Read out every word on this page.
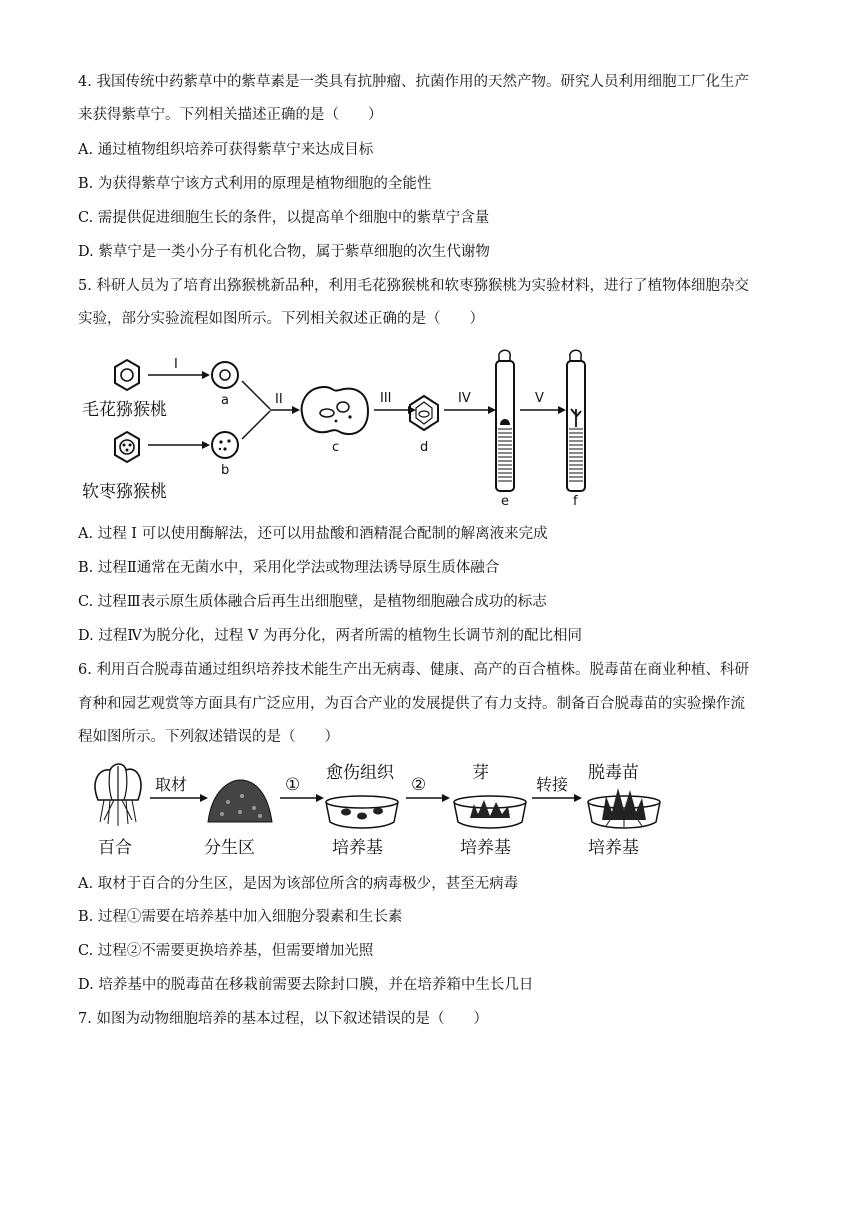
4. 我国传统中药紫草中的紫草素是一类具有抗肿瘤、抗菌作用的天然产物。研究人员利用细胞工厂化生产
来获得紫草宁。下列相关描述正确的是（　　）
A. 通过植物组织培养可获得紫草宁来达成目标
B. 为获得紫草宁该方式利用的原理是植物细胞的全能性
C. 需提供促进细胞生长的条件，以提高单个细胞中的紫草宁含量
D. 紫草宁是一类小分子有机化合物，属于紫草细胞的次生代谢物
5. 科研人员为了培育出猕猴桃新品种，利用毛花猕猴桃和软枣猕猴桃为实验材料，进行了植物体细胞杂交
实验，部分实验流程如图所示。下列相关叙述正确的是（　　）
毛花猕猴桃
软枣猕猴桃
I
a
b
II
c
III
d
IV
e
V
f
A. 过程 I 可以使用酶解法，还可以用盐酸和酒精混合配制的解离液来完成
B. 过程Ⅱ通常在无菌水中，采用化学法或物理法诱导原生质体融合
C. 过程Ⅲ表示原生质体融合后再生出细胞壁，是植物细胞融合成功的标志
D. 过程Ⅳ为脱分化，过程 V 为再分化，两者所需的植物生长调节剂的配比相同
6. 利用百合脱毒苗通过组织培养技术能生产出无病毒、健康、高产的百合植株。脱毒苗在商业种植、科研
育种和园艺观赏等方面具有广泛应用，为百合产业的发展提供了有力支持。制备百合脱毒苗的实验操作流
程如图所示。下列叙述错误的是（　　）
百合
取材
分生区
①
愈伤组织
培养基
②
芽
培养基
转接
脱毒苗
培养基
A. 取材于百合的分生区，是因为该部位所含的病毒极少，甚至无病毒
B. 过程①需要在培养基中加入细胞分裂素和生长素
C. 过程②不需要更换培养基，但需要增加光照
D. 培养基中的脱毒苗在移栽前需要去除封口膜，并在培养箱中生长几日
7. 如图为动物细胞培养的基本过程，以下叙述错误的是（　　）
